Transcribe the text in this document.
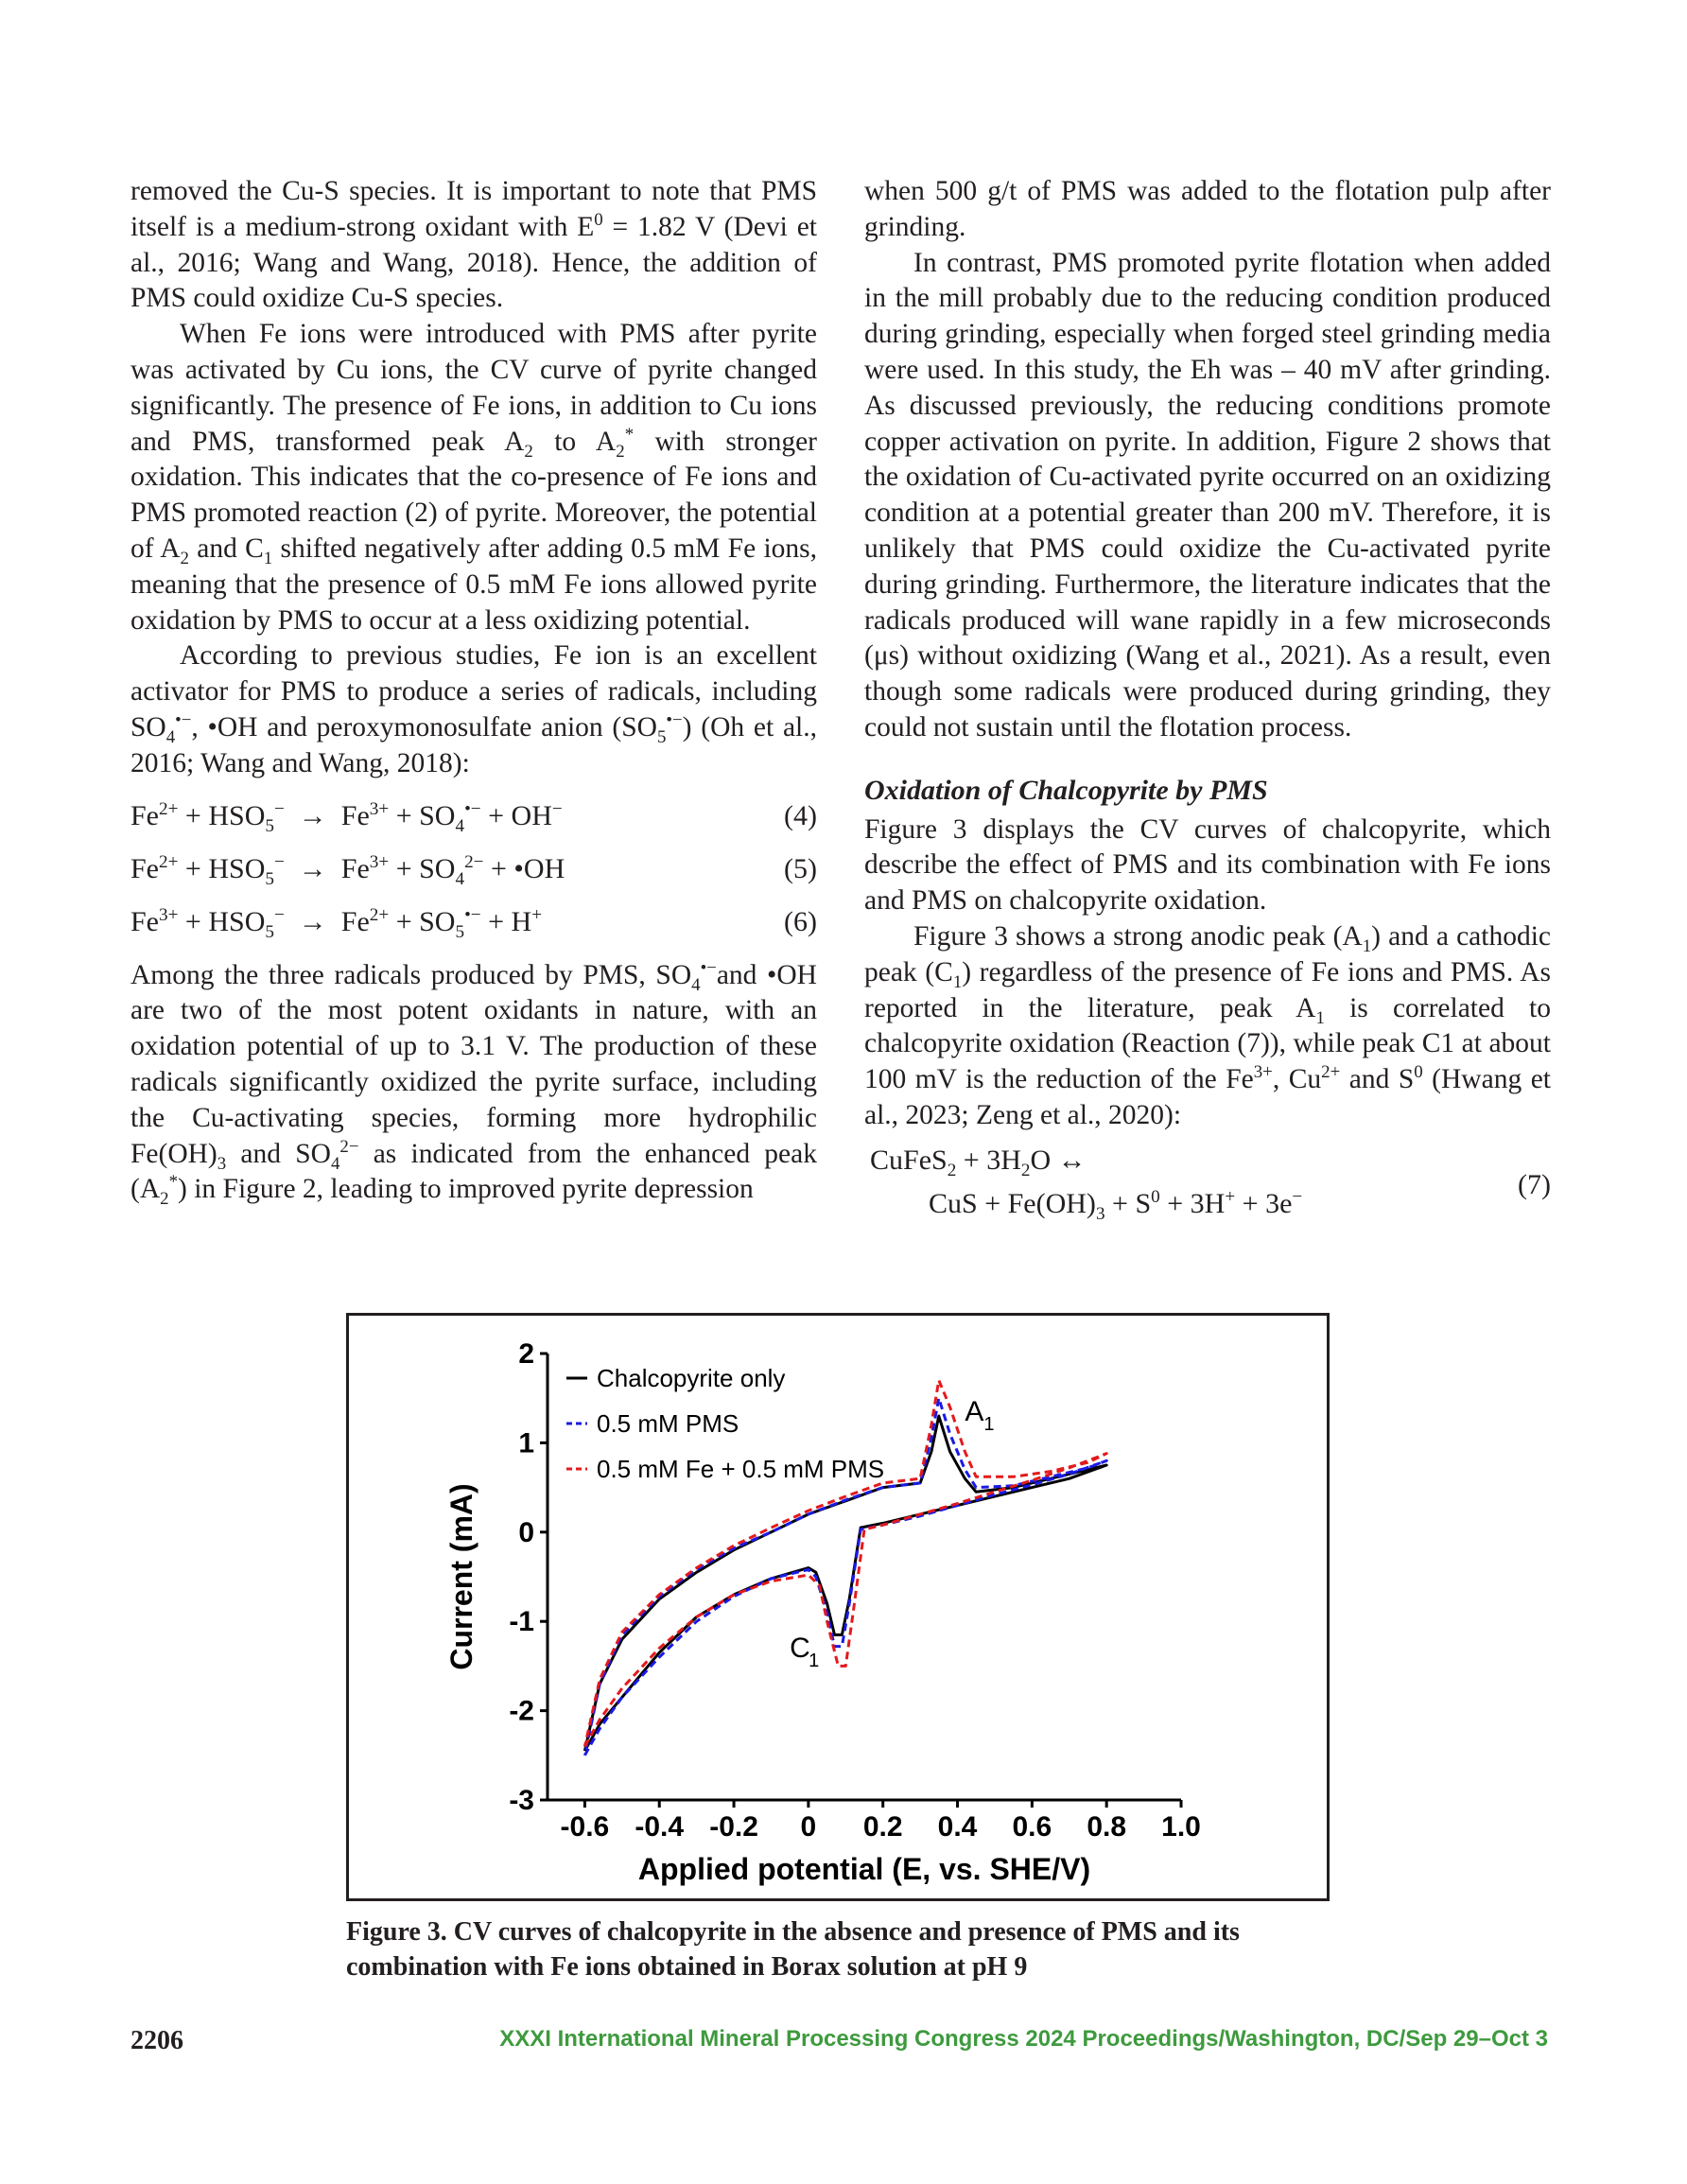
removed the Cu-S species. It is important to note that PMS itself is a medium-strong oxidant with $E^0 = 1.82$ V (Devi et al., 2016; Wang and Wang, 2018). Hence, the addition of PMS could oxidize Cu-S species.

When Fe ions were introduced with PMS after pyrite was activated by Cu ions, the CV curve of pyrite changed significantly. The presence of Fe ions, in addition to Cu ions and PMS, transformed peak $A_2$ to $A_2^*$ with stronger oxidation. This indicates that the co-presence of Fe ions and PMS promoted reaction (2) of pyrite. Moreover, the potential of $A_2$ and $C_1$ shifted negatively after adding 0.5 mM Fe ions, meaning that the presence of 0.5 mM Fe ions allowed pyrite oxidation by PMS to occur at a less oxidizing potential.

According to previous studies, Fe ion is an excellent activator for PMS to produce a series of radicals, including $SO_4^{•-}$, •OH and peroxymonosulfate anion $(SO_5^{•-})$ (Oh et al., 2016; Wang and Wang, 2018):

$Fe^{2+} + HSO_5^- \to Fe^{3+} + SO_4^{•-} + OH^-$	(4)
$Fe^{2+} + HSO_5^- \to Fe^{3+} + SO_4^{2-}$ + •OH	(5)
$Fe^{3+} + HSO_5^- \to Fe^{2+} + SO_5^{•-} + H^+$	(6)

Among the three radicals produced by PMS, $SO_4^{•-}and$ •OH are two of the most potent oxidants in nature, with an oxidation potential of up to 3.1 V. The production of these radicals significantly oxidized the pyrite surface, including the Cu-activating species, forming more hydrophilic $Fe(OH)_3$ and $SO_4^{2-}$ as indicated from the enhanced peak $(A_2^*)$ in Figure 2, leading to improved pyrite depression

when 500 g/t of PMS was added to the flotation pulp after grinding.

In contrast, PMS promoted pyrite flotation when added in the mill probably due to the reducing condition produced during grinding, especially when forged steel grinding media were used. In this study, the Eh was – 40 mV after grinding. As discussed previously, the reducing conditions promote copper activation on pyrite. In addition, Figure 2 shows that the oxidation of Cu-activated pyrite occurred on an oxidizing condition at a potential greater than 200 mV. Therefore, it is unlikely that PMS could oxidize the Cu-activated pyrite during grinding. Furthermore, the literature indicates that the radicals produced will wane rapidly in a few microseconds (μs) without oxidizing (Wang et al., 2021). As a result, even though some radicals were produced during grinding, they could not sustain until the flotation process.

Oxidation of Chalcopyrite by PMS

Figure 3 displays the CV curves of chalcopyrite, which describe the effect of PMS and its combination with Fe ions and PMS on chalcopyrite oxidation.

Figure 3 shows a strong anodic peak $(A_1)$ and a cathodic peak $(C_1)$ regardless of the presence of Fe ions and PMS. As reported in the literature, peak $A_1$ is correlated to chalcopyrite oxidation (Reaction (7)), while peak C1 at about 100 mV is the reduction of the $Fe^{3+}$, $Cu^{2+}$ and $S^0$ (Hwang et al., 2023; Zeng et al., 2020):

CuFeS$_2$ + $3H_2O$ ↔
CuS + $Fe(OH)_3 + S^0 + 3H^+ + 3e^-$	(7)
2
1
0
-1
-2
-3
-0.6 -0.4 -0.2 0 0.2 0.4 0.6 0.8 1.0
Applied potential (E, vs. SHE/V)
Current (mA)
Chalcopyrite only
0.5 mM PMS
0.5 mM Fe + 0.5 mM PMS
A 1
C
1
Figure 3. CV curves of chalcopyrite in the absence and presence of PMS and its
combination with Fe ions obtained in Borax solution at pH 9
2206	XXXI International Mineral Processing Congress 2024 Proceedings/Washington, DC/Sep 29–Oct 3
